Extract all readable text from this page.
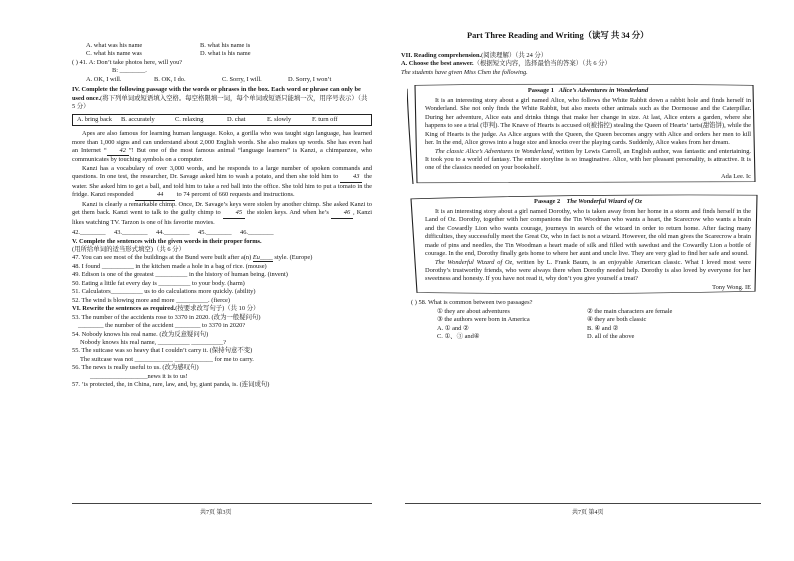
A. what was his name	B. what his name is
C. what his name was	D. what is his name
( ) 41. A: Don’t take photos here, will you?
B: ________.
A. OK, I will.	B. OK, I do.	C. Sorry, I will.	D. Sorry, I won’t
IV. Complete the following passage with the words or phrases in the box. Each word or phrase can only be used once.(将下列单词或短语填入空格。每空格限填一词，每个单词或短语只能填一次，用序号表示）（共 5 分）
A. bring back B. accurately	C. relaxing	D. chat	E. slowly	F. turn off

Apes are also famous for learning human language. Koko, a gorilla who was taught sign language, has learned more than 1,000 signs and can understand about 2,000 English words. She also makes up words. She has even had an Internet “ 42 ”! But one of the most famous animal “language learners” is Kanzi, a chimpanzee, who communicates by touching symbols on a computer.

Kanzi has a vocabulary of over 3,000 words, and he responds to a large number of spoken commands and questions. In one test, the researcher, Dr. Savage asked him to wash a potato, and then she told him to 43 the water. She asked him to get a ball, and told him to take a red ball into the office. She told him to put a tomato in the fridge. Kanzi responded	44 to 74 percent of 660 requests and instructions.

Kanzi is clearly a remarkable chimp. Once, Dr. Savage’s keys were stolen by another chimp. She asked Kanzi to get them back. Kanzi went to talk to the guilty chimp to 45 the stolen keys. And when he’s 46 , Kanzi likes watching TV. Tarzon is one of his favorite movies.

42.________ 43.________ 44.________ 45.________ 46.________
V. Complete the sentences with the given words in their proper forms.(用所给单词的适当形式填空)（共 6 分）
47. You can see most of the buildings at the Bund were built after a(n) Eu____ style. (Europe)
48. I found __________ in the kitchen made a hole in a bag of rice. (mouse)
49. Edison is one of the greatest __________ in the history of human being. (invent)
50. Eating a little fat every day is __________ to your body. (harm)
51. Calculators__________ us to do calculations more quickly. (ability)
52. The wind is blowing more and more __________. (fierce)
VI. Rewrite the sentences as required.(按要求改写句子)（共 10 分）
53. The number of the accidents rose to 3370 in 2020. (改为一般疑问句)
________ the number of the accident ________ to 3370 in 2020?
54. Nobody knows his real name. (改为反意疑问句)
Nobody knows his real name, __________ __________?
55. The suitcase was so heavy that I couldn’t carry it. (保持句意不变)
The suitcase was not ____________ ____________ for me to carry.
56. The news is really useful to us. (改为感叹句)
__________________news it is to us!
57. ’is protected, the, in China, rare, law, and, by, giant panda, is. (连词成句)
共7页 第3页
Part Three Reading and Writing（读写 共 34 分）
VII. Reading comprehension.(阅读理解）（共 24 分）
A. Choose the best answer.（根据短文内容，选择最恰当的答案）（共 6 分）
The students have given Miss Chen the following.
Passage 1 Alice’s Adventures in Wonderland

It is an interesting story about a girl named Alice, who follows the White Rabbit down a rabbit hole and finds herself in Wonderland. She not only finds the White Rabbit, but also meets other animals such as the Dormouse and the Caterpillar. During her adventure, Alice eats and drinks things that make her change in size. At last, Alice enters a garden, where she happens to see a trial (审判). The Knave of Hearts is accused of(被指控) stealing the Queen of Hearts’ tarts(甜馅饼), while the King of Hearts is the judge. As Alice argues with the Queen, the Queen becomes angry with Alice and orders her men to kill her. In the end, Alice grows into a huge size and knocks over the playing cards. Suddenly, Alice wakes from her dream.

The classic Alice’s Adventures in Wonderland, written by Lewis Carroll, an English author, was fantastic and entertaining. It took you to a world of fantasy. The entire storyline is so imaginative. Alice, with her pleasant personality, is attractive. It is one of the classics needed on your bookshelf.

Ada Lee. Ic
Passage 2 The Wonderful Wizard of Oz

It is an interesting story about a girl named Dorothy, who is taken away from her home in a storm and finds herself in the Land of Oz. Dorothy, together with her companions the Tin Woodman who wants a heart, the Scarecrow who wants a brain and the Cowardly Lion who wants courage, journeys in search of the wizard in order to return home. After facing many difficulties, they successfully meet the Great Oz, who in fact is not a wizard. However, the old man gives the Scarecrow a brain made of pins and needles, the Tin Woodman a heart made of silk and filled with sawdust and the Cowardly Lion a bottle of courage. In the end, Dorothy finally gets home to where her aunt and uncle live. They are very glad to find her safe and sound.

The Wonderful Wizard of Oz, written by L. Frank Baum, is an enjoyable American classic. What I loved most were Dorothy’s trustworthy friends, who were always there when Dorothy needed help. Dorothy is also loved by everyone for her sweetness and honesty. If you have not read it, why don’t you give yourself a treat?

Tony Wong. IE
( ) 58. What is common between two passages?
① they are about adventures	② the main characters are female
③ the authors were born in America	④ they are both classic
A. ① and ②	B. ④ and ②
C. ①、③ and④	D. all of the above
共7页 第4页
